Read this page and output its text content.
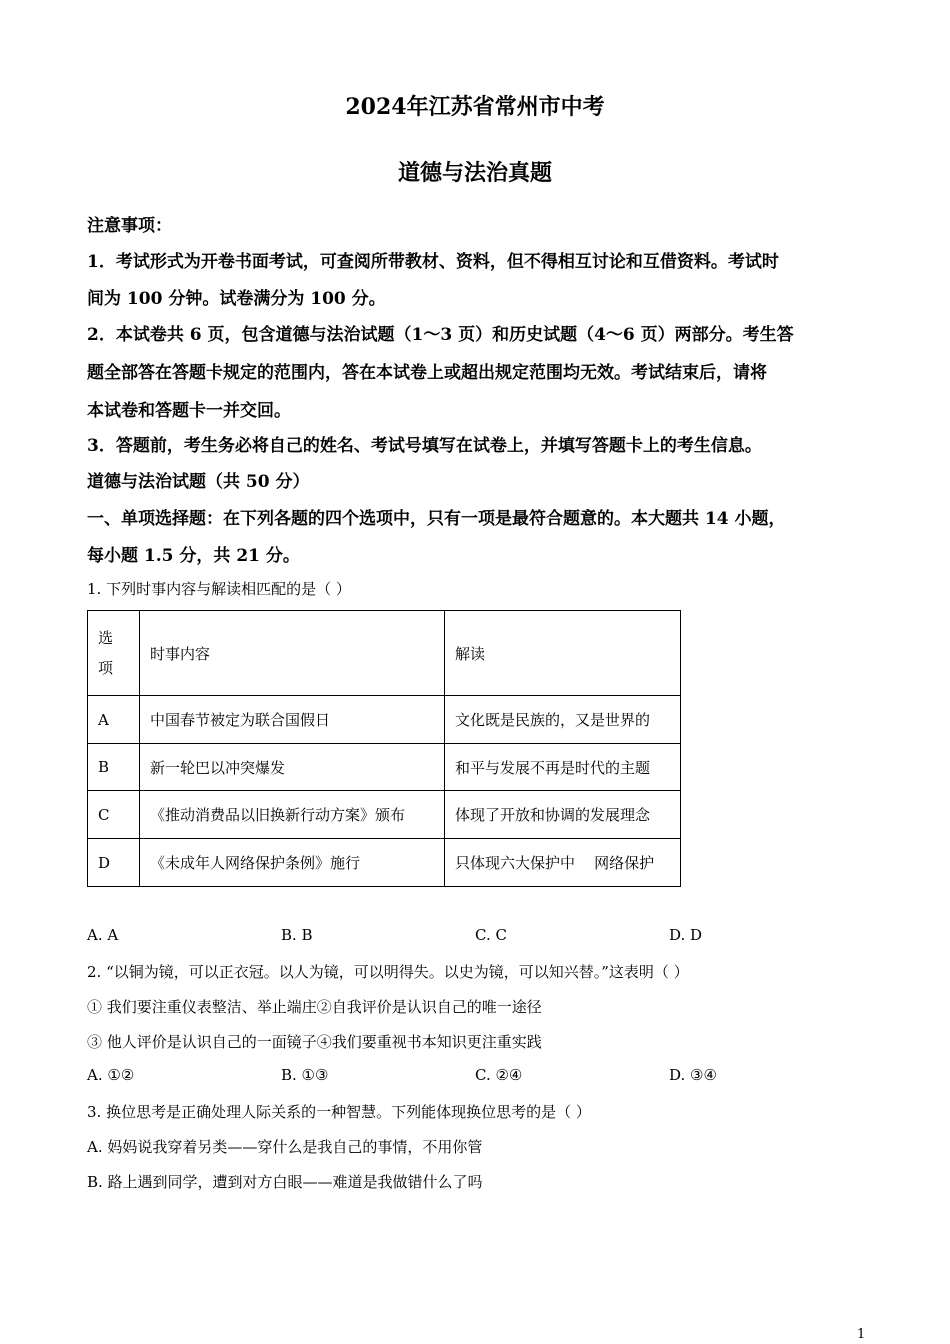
2024年江苏省常州市中考
道德与法治真题
注意事项：
1．考试形式为开卷书面考试，可查阅所带教材、资料，但不得相互讨论和互借资料。考试时
间为 100 分钟。试卷满分为 100 分。
2．本试卷共 6 页，包含道德与法治试题（1～3 页）和历史试题（4～6 页）两部分。考生答
题全部答在答题卡规定的范围内，答在本试卷上或超出规定范围均无效。考试结束后，请将
本试卷和答题卡一并交回。
3．答题前，考生务必将自己的姓名、考试号填写在试卷上，并填写答题卡上的考生信息。
道德与法治试题（共 50 分）
一、单项选择题：在下列各题的四个选项中，只有一项是最符合题意的。本大题共 14 小题，
每小题 1.5 分，共 21 分。
1. 下列时事内容与解读相匹配的是（ ）
选
项	时事内容	解读
A	中国春节被定为联合国假日	文化既是民族的，又是世界的
B	新一轮巴以冲突爆发	和平与发展不再是时代的主题
C	《推动消费品以旧换新行动方案》颁布	体现了开放和协调的发展理念
D	《未成年人网络保护条例》施行	只体现六大保护中    网络保护
A. A	B. B	C. C	D. D
2. “以铜为镜，可以正衣冠。以人为镜，可以明得失。以史为镜，可以知兴替。”这表明（ ）
① 我们要注重仪表整洁、举止端庄②自我评价是认识自己的唯一途径
③ 他人评价是认识自己的一面镜子④我们要重视书本知识更注重实践
A. ①②	B. ①③	C. ②④	D. ③④
3. 换位思考是正确处理人际关系的一种智慧。下列能体现换位思考的是（ ）
A. 妈妈说我穿着另类——穿什么是我自己的事情，不用你管
B. 路上遇到同学，遭到对方白眼——难道是我做错什么了吗
1
